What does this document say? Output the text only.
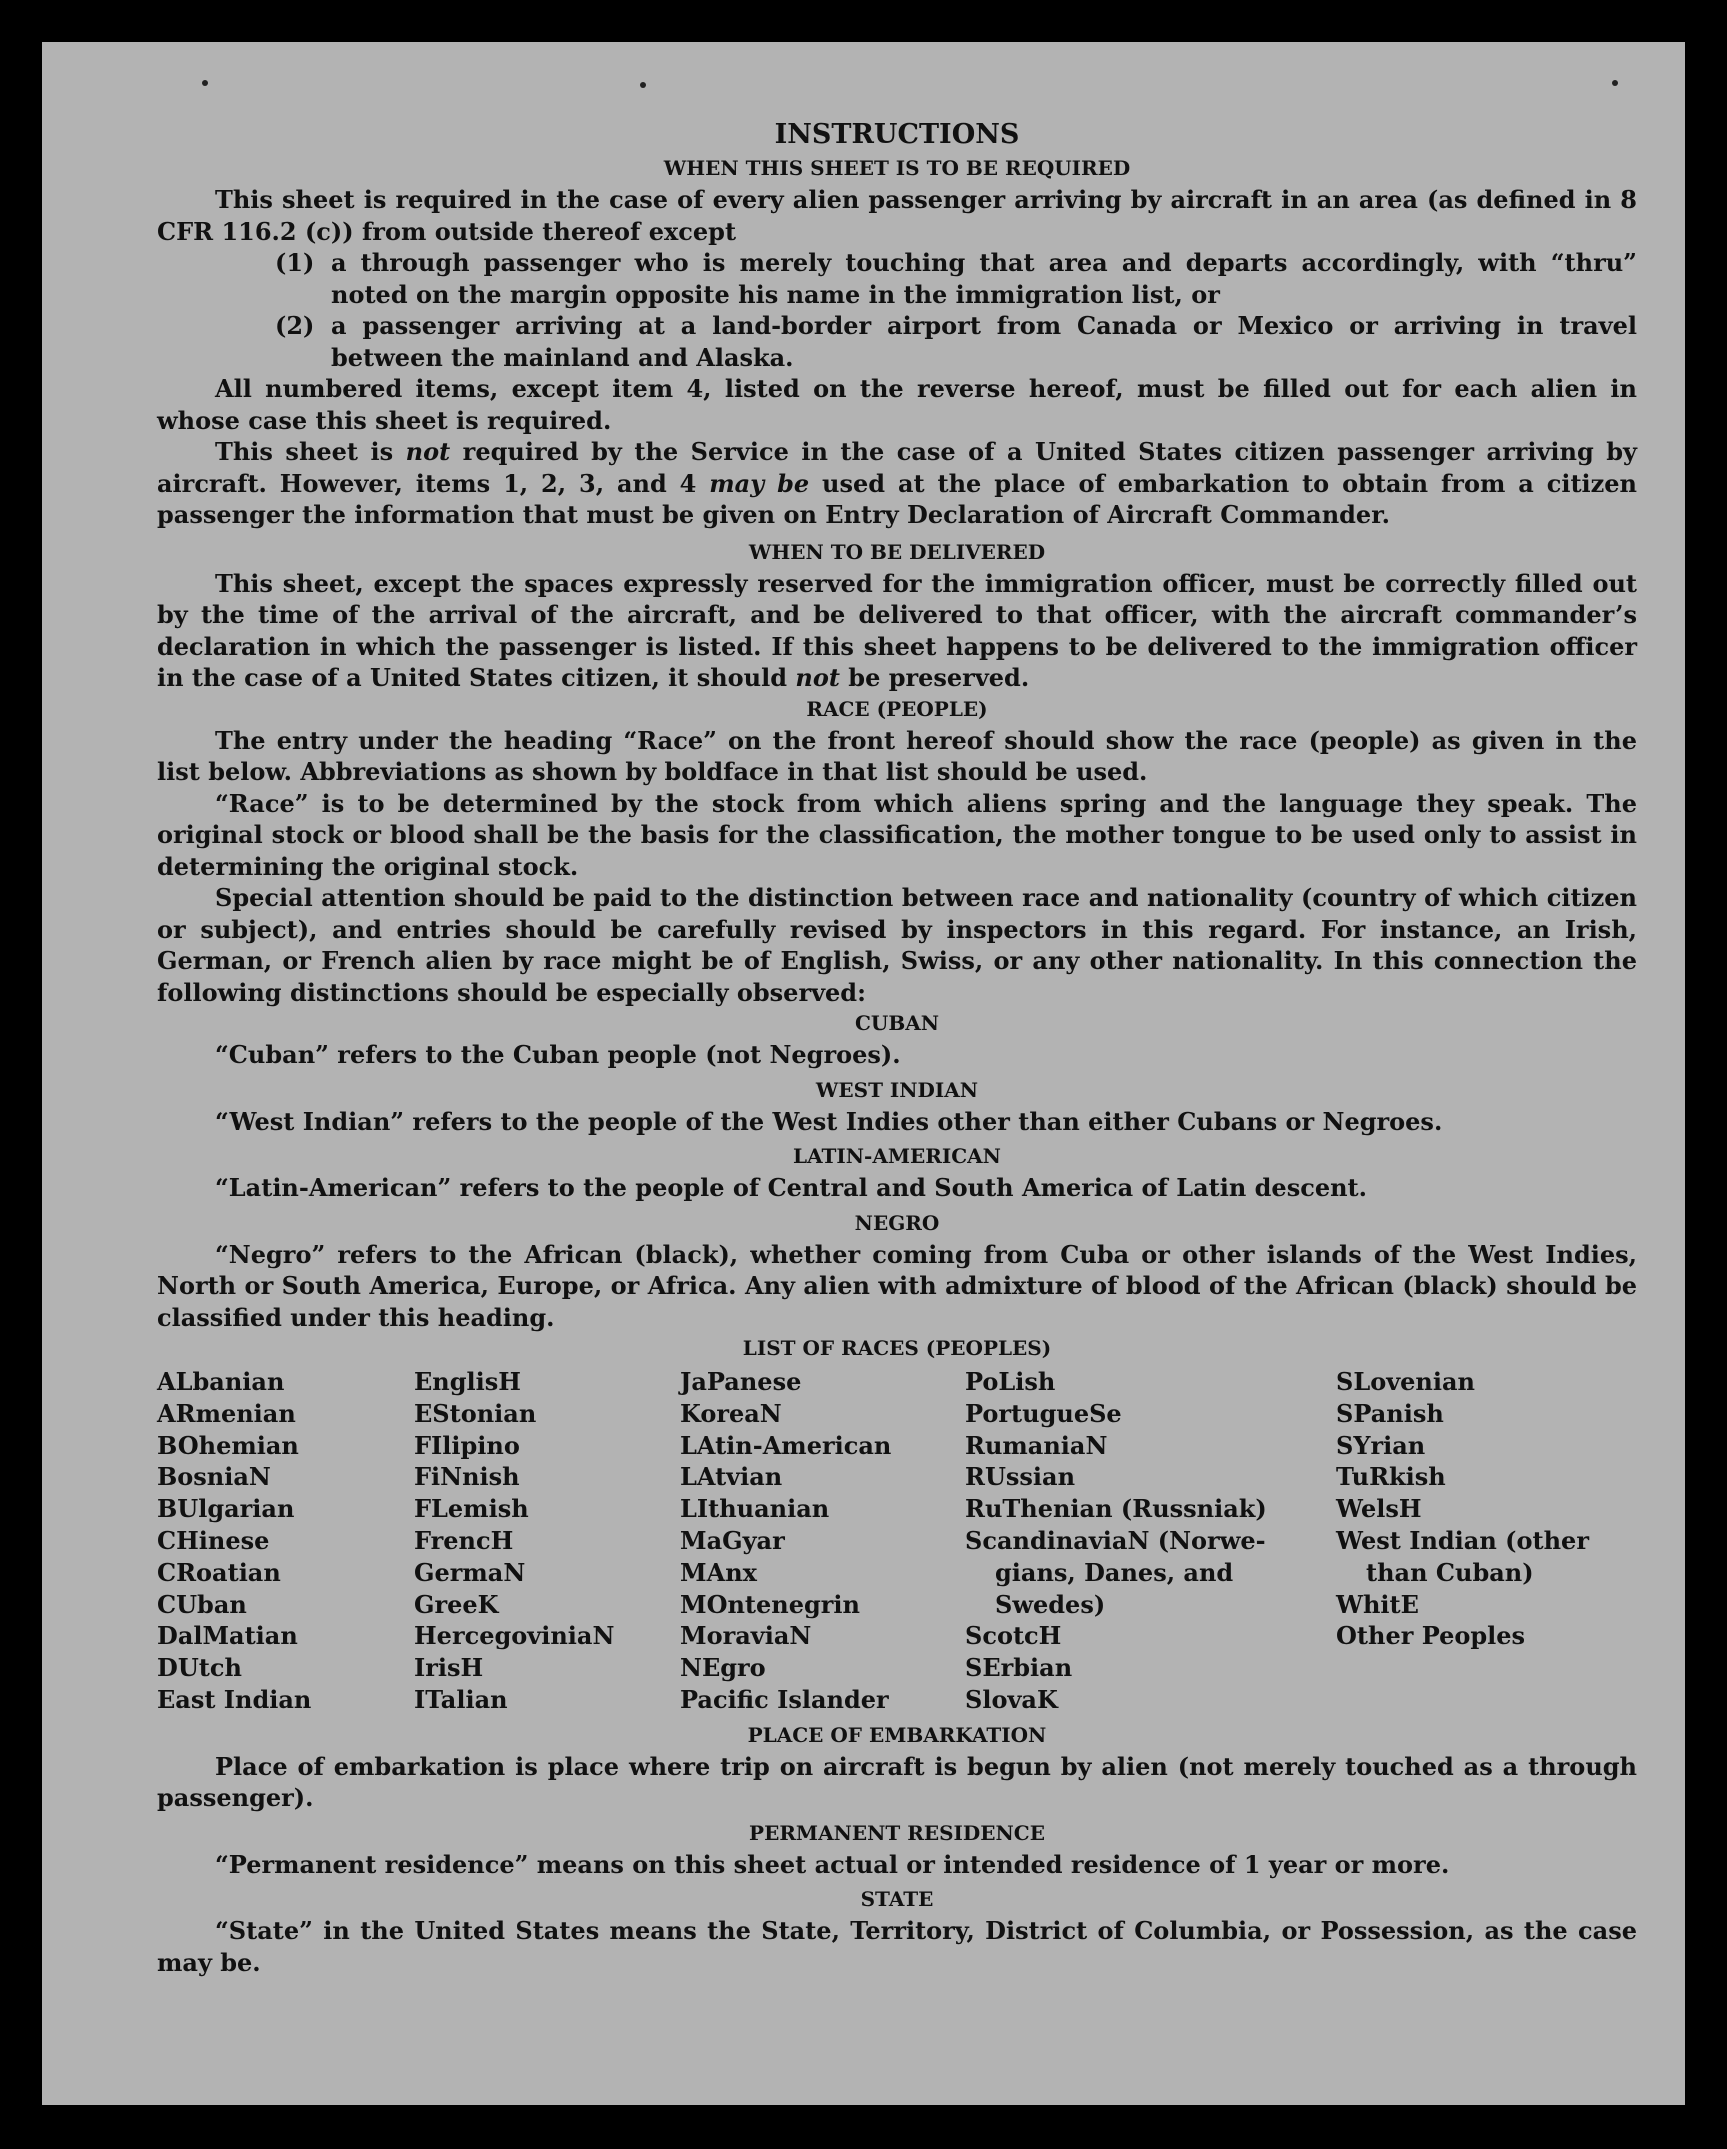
INSTRUCTIONS
WHEN THIS SHEET IS TO BE REQUIRED

This sheet is required in the case of every alien passenger arriving by aircraft in an area (as defined in 8 CFR 116.2 (c)) from outside thereof except

(1) a through passenger who is merely touching that area and departs accordingly, with “thru” noted on the margin opposite his name in the immigration list, or

(2) a passenger arriving at a land-border airport from Canada or Mexico or arriving in travel between the mainland and Alaska.

All numbered items, except item 4, listed on the reverse hereof, must be filled out for each alien in whose case this sheet is required.

This sheet is not required by the Service in the case of a United States citizen passenger arriving by aircraft. However, items 1, 2, 3, and 4 may be used at the place of embarkation to obtain from a citizen passenger the information that must be given on Entry Declaration of Aircraft Commander.

WHEN TO BE DELIVERED

This sheet, except the spaces expressly reserved for the immigration officer, must be correctly filled out by the time of the arrival of the aircraft, and be delivered to that officer, with the aircraft commander’s declaration in which the passenger is listed. If this sheet happens to be delivered to the immigration officer in the case of a United States citizen, it should not be preserved.

RACE (PEOPLE)

The entry under the heading “Race” on the front hereof should show the race (people) as given in the list below. Abbreviations as shown by boldface in that list should be used.

“Race” is to be determined by the stock from which aliens spring and the language they speak. The original stock or blood shall be the basis for the classification, the mother tongue to be used only to assist in determining the original stock.

Special attention should be paid to the distinction between race and nationality (country of which citizen or subject), and entries should be carefully revised by inspectors in this regard. For instance, an Irish, German, or French alien by race might be of English, Swiss, or any other nationality. In this connection the following distinctions should be especially observed:

CUBAN

“Cuban” refers to the Cuban people (not Negroes).

WEST INDIAN

“West Indian” refers to the people of the West Indies other than either Cubans or Negroes.

LATIN-AMERICAN

“Latin-American” refers to the people of Central and South America of Latin descent.

NEGRO

“Negro” refers to the African (black), whether coming from Cuba or other islands of the West Indies, North or South America, Europe, or Africa. Any alien with admixture of blood of the African (black) should be classified under this heading.

LIST OF RACES (PEOPLES)
ALbanian
ARmenian
BOhemian
BosniaN
BUlgarian
CHinese
CRoatian
CUban
DalMatian
DUtch
East Indian
EnglisH
EStonian
FIlipino
FiNnish
FLemish
FrencH
GermaN
GreeK
HercegoviniaN
IrisH
ITalian
JaPanese
KoreaN
LAtin-American
LAtvian
LIthuanian
MaGyar
MAnx
MOntenegrin
MoraviaN
NEgro
Pacific Islander
PoLish
PortugueSe
RumaniaN
RUssian
RuThenian (Russniak)
ScandinaviaN (Norwe-
gians, Danes, and
Swedes)
ScotcH
SErbian
SlovaK
SLovenian
SPanish
SYrian
TuRkish
WelsH
West Indian (other
than Cuban)
WhitE
Other Peoples
PLACE OF EMBARKATION

Place of embarkation is place where trip on aircraft is begun by alien (not merely touched as a through passenger).

PERMANENT RESIDENCE

“Permanent residence” means on this sheet actual or intended residence of 1 year or more.

STATE

“State” in the United States means the State, Territory, District of Columbia, or Possession, as the case may be.
